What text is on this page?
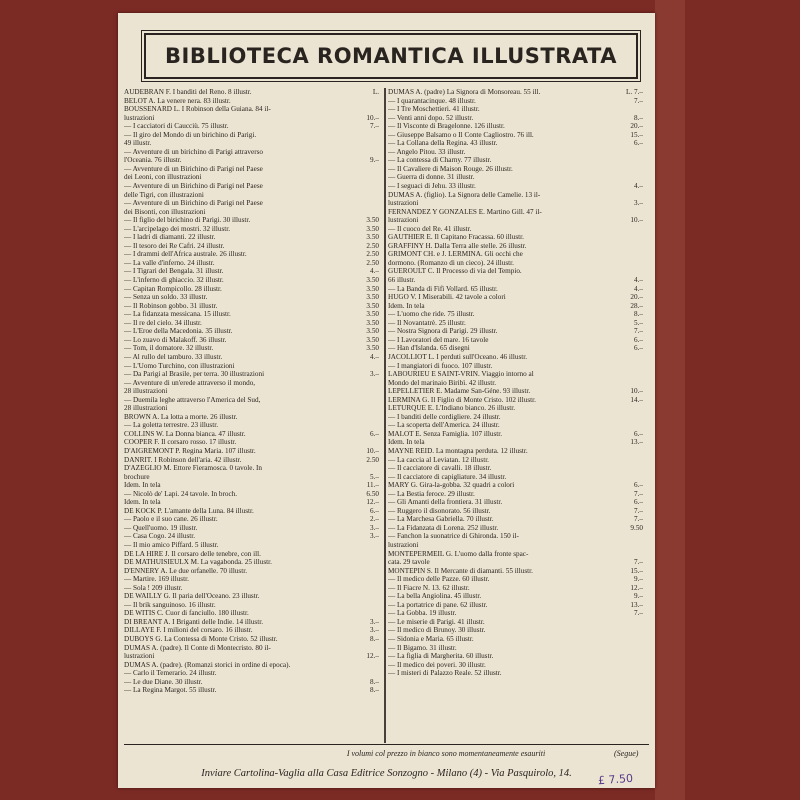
BIBLIOTECA ROMANTICA ILLUSTRATA
AUDEBRAN F. I banditi del Reno. 8 illustr.	L.
BELOT A. La venere nera. 83 illustr.
BOUSSENARD L. I Robinson della Guiana. 84 il-
lustrazioni	10.–
— I cacciatori di Caucciù. 75 illustr.	7.–
— Il giro del Mondo di un birichino di Parigi.
49 illustr.
— Avventure di un birichino di Parigi attraverso
l'Oceania. 76 illustr.	9.–
— Avventure di un Birichino di Parigi nel Paese
dei Leoni, con illustrazioni
— Avventure di un Birichino di Parigi nel Paese
delle Tigri, con illustrazioni
— Avventure di un Birichino di Parigi nel Paese
dei Bisonti, con illustrazioni
— Il figlio del birichino di Parigi. 30 illustr.	3.50
— L'arcipelago dei mostri. 32 illustr.	3.50
— I ladri di diamanti. 22 illustr.	3.50
— Il tesoro dei Re Cafri. 24 illustr.	2.50
— I drammi dell'Africa australe. 26 illustr.	2.50
— La valle d'inferno. 24 illustr.	2.50
— I Tigrari del Bengala. 31 illustr.	4.–
— L'inferno di ghiaccio. 32 illustr.	3.50
— Capitan Rompicollo. 28 illustr.	3.50
— Senza un soldo. 33 illustr.	3.50
— Il Robinson gobbo. 31 illustr.	3.50
— La fidanzata messicana. 15 illustr.	3.50
— Il re del cielo. 34 illustr.	3.50
— L'Eroe della Macedonia. 35 illustr.	3.50
— Lo zuavo di Malakoff. 36 illustr.	3.50
— Tom, il domatore. 32 illustr.	3.50
— Al rullo del tamburo. 33 illustr.	4.–
— L'Uomo Turchino, con illustrazioni
— Da Parigi al Brasile, per terra. 30 illustrazioni	3.–
— Avventure di un'erede attraverso il mondo,
28 illustrazioni
— Duemila leghe attraverso l'America del Sud,
28 illustrazioni
BROWN A. La lotta a morte. 26 illustr.
— La goletta terrestre. 23 illustr.
COLLINS W. La Donna bianca. 47 illustr.	6.–
COOPER F. Il corsaro rosso. 17 illustr.
D'AIGREMONT P. Regina Maria. 107 illustr.	10.–
DANRIT. I Robinson dell'aria. 42 illustr.	2.50
D'AZEGLIO M. Ettore Fieramosca. 0 tavole. In
brochure	5.–
Idem. In tela	11.–
— Nicolò de' Lapi. 24 tavole. In broch.	6.50
Idem. In tela	12.–
DE KOCK P. L'amante della Luna. 84 illustr.	6.–
— Paolo e il suo cane. 26 illustr.	2.–
— Quell'uomo. 19 illustr.	3.–
— Casa Cogo. 24 illustr.	3.–
— Il mio amico Piffard. 5 illustr.
DE LA HIRE J. Il corsaro delle tenebre, con ill.
DE MATHUISIEULX M. La vagabonda. 25 illustr.
D'ENNERY A. Le due orfanelle. 70 illustr.
— Martire. 169 illustr.
— Sola ! 209 illustr.
DE WAILLY G. Il paria dell'Oceano. 23 illustr.
— Il brik sanguinoso. 16 illustr.
DE WITIS C. Cuor di fanciullo. 180 illustr.
DI BREANT A. I Briganti delle Indie. 14 illustr.	3.–
DILLAYE F. I milioni del corsaro. 16 illustr.	3.–
DUBOYS G. La Contessa di Monte Cristo. 52 illustr.	8.–
DUMAS A. (padre). Il Conte di Montecristo. 80 il-
lustrazioni	12.–
DUMAS A. (padre). (Romanzi storici in ordine di epoca).
— Carlo il Temerario. 24 illustr.
— Le due Diane. 30 illustr.	8.–
— La Regina Margot. 55 illustr.	8.–
DUMAS A. (padre) La Signora di Monsoreau. 55 ill.	L. 7.–
— I quarantacinque. 48 illustr.	7.–
— I Tre Moschettieri. 41 illustr.
— Venti anni dopo. 52 illustr.	8.–
— Il Visconte di Bragelonne. 126 illustr.	20.–
— Giuseppe Balsamo o Il Conte Cagliostro. 76 ill.	15.–
— La Collana della Regina. 43 illustr.	6.–
— Angelo Pitou. 33 illustr.
— La contessa di Charny. 77 illustr.
— Il Cavaliere di Maison Rouge. 26 illustr.
— Guerra di donne. 31 illustr.
— I seguaci di Jehu. 33 illustr.	4.–
DUMAS A. (figlio). La Signora delle Camelie. 13 il-
lustrazioni	3.–
FERNANDEZ Y GONZALES E. Martino Gill. 47 il-
lustrazioni	10.–
— Il cuoco del Re. 41 illustr.
GAUTHIER E. Il Capitano Fracassa. 60 illustr.
GRAFFINY H. Dalla Terra alle stelle. 26 illustr.
GRIMONT CH. e J. LERMINA. Gli occhi che
dormono. (Romanzo di un cieco). 24 illustr.
GUEROULT C. Il Processo di via del Tempio.
66 illustr.	4.–
— La Banda di Fifì Vollard. 65 illustr.	4.–
HUGO V. I Miserabili. 42 tavole a colori	20.–
Idem. In tela	28.–
— L'uomo che ride. 75 illustr.	8.–
— Il Novantatrè. 25 illustr.	5.–
— Nostra Signora di Parigi. 29 illustr.	7.–
— I Lavoratori del mare. 16 tavole	6.–
— Han d'Islanda. 65 disegni	6.–
JACOLLIOT L. I perduti sull'Oceano. 46 illustr.
— I mangiatori di fuoco. 107 illustr.
LABOURIEU E SAINT-VRIN. Viaggio intorno al
Mondo del marinaio Biribì. 42 illustr.
LEPELLETIER E. Madame San-Géne. 93 illustr.	10.–
LERMINA G. Il Figlio di Monte Cristo. 102 illustr.	14.–
LETURQUE E. L'Indiano bianco. 26 illustr.
— I banditi delle cordigliere. 24 illustr.
— La scoperta dell'America. 24 illustr.
MALOT E. Senza Famiglia. 107 illustr.	6.–
Idem. In tela	13.–
MAYNE REID. La montagna perduta. 12 illustr.
— La caccia al Leviatan. 12 illustr.
— Il cacciatore di cavalli. 18 illustr.
— Il cacciatore di capigliature. 34 illustr.
MARY G. Gira-la-gobba. 32 quadri a colori	6.–
— La Bestia feroce. 29 illustr.	7.–
— Gli Amanti della frontiera. 31 illustr.	6.–
— Ruggero il disonorato. 56 illustr.	7.–
— La Marchesa Gabriella. 70 illustr.	7.–
— La Fidanzata di Lorena. 252 illustr.	9.50
— Fanchon la suonatrice di Ghironda. 150 il-
lustrazioni
MONTEPERMEIL G. L'uomo dalla fronte spac-
cata. 29 tavole	7.–
MONTEPIN S. Il Mercante di diamanti. 55 illustr.	15.–
— Il medico delle Pazze. 60 illustr.	9.–
— Il Fiacre N. 13. 62 illustr.	12.–
— La bella Angiolina. 45 illustr.	9.–
— La portatrice di pane. 62 illustr.	13.–
— La Gobba. 19 illustr.	7.–
— Le miserie di Parigi. 41 illustr.
— Il medico di Brunoy. 30 illustr.
— Sidonia e Maria. 65 illustr.
— Il Bigamo. 31 illustr.
— La figlia di Margherita. 60 illustr.
— Il medico dei poveri. 30 illustr.
— I misteri di Palazzo Reale. 52 illustr.
I volumi col prezzo in bianco sono momentaneamente esauriti	(Segue)
Inviare Cartolina-Vaglia alla Casa Editrice Sonzogno - Milano (4) - Via Pasquirolo, 14.	£ 7.50
